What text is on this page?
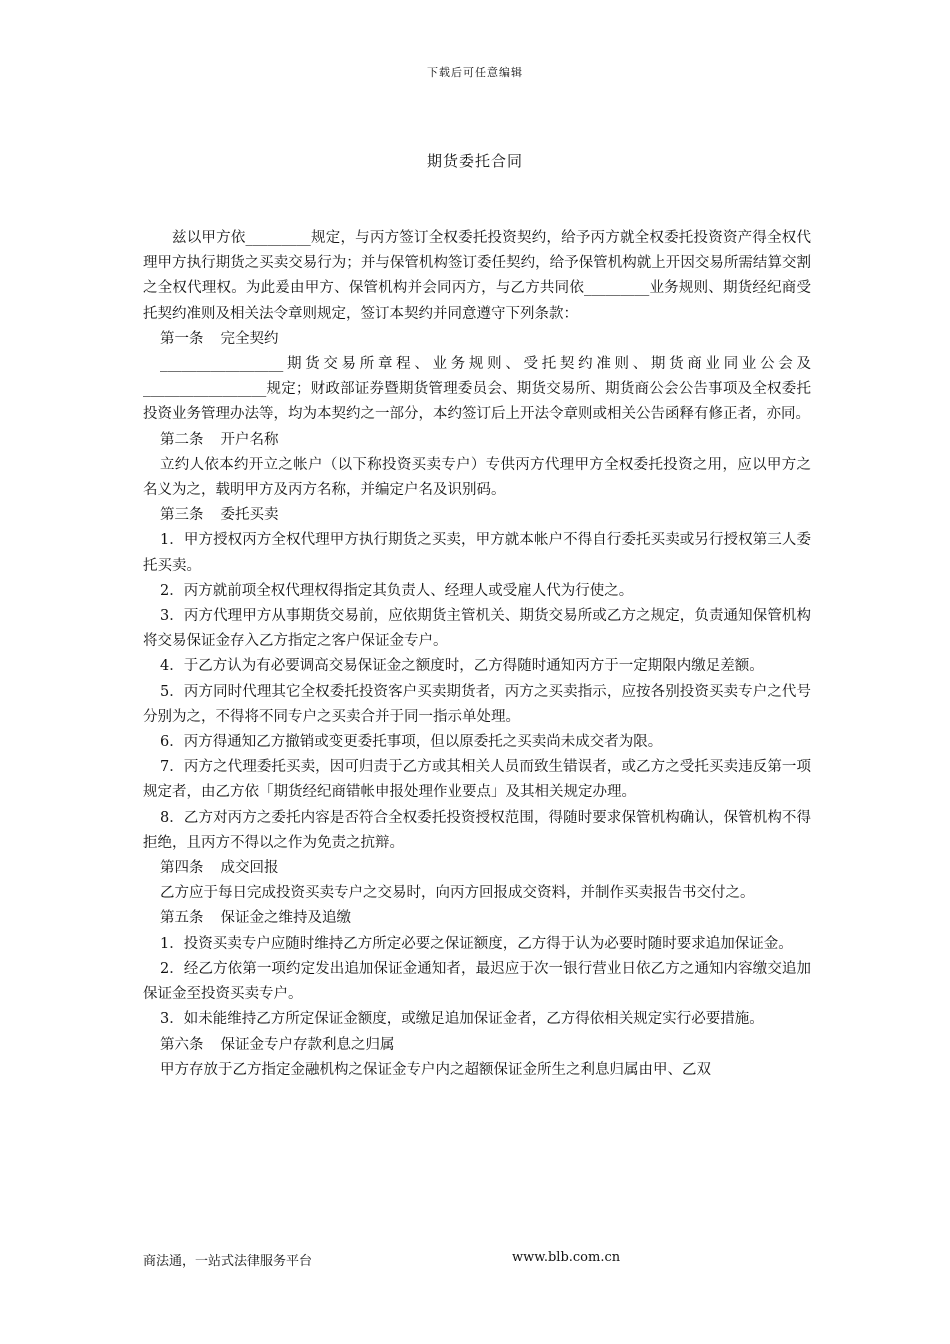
下载后可任意编辑
期货委托合同

兹以甲方依_________规定，与丙方签订全权委托投资契约，给予丙方就全权委托投资资产得全权代理甲方执行期货之买卖交易行为；并与保管机构签订委任契约，给予保管机构就上开因交易所需结算交割之全权代理权。为此爰由甲方、保管机构并会同丙方，与乙方共同依_________业务规则、期货经纪商受托契约准则及相关法令章则规定，签订本契约并同意遵守下列条款：

第一条 完全契约

_________________期货交易所章程、业务规则、受托契约准则、期货商业同业公会及_________________规定；财政部证券暨期货管理委员会、期货交易所、期货商公会公告事项及全权委托投资业务管理办法等，均为本契约之一部分，本约签订后上开法令章则或相关公告函释有修正者，亦同。

第二条 开户名称

立约人依本约开立之帐户（以下称投资买卖专户）专供丙方代理甲方全权委托投资之用，应以甲方之名义为之，载明甲方及丙方名称，并编定户名及识别码。

第三条 委托买卖

1．甲方授权丙方全权代理甲方执行期货之买卖，甲方就本帐户不得自行委托买卖或另行授权第三人委托买卖。

2．丙方就前项全权代理权得指定其负责人、经理人或受雇人代为行使之。

3．丙方代理甲方从事期货交易前，应依期货主管机关、期货交易所或乙方之规定，负责通知保管机构将交易保证金存入乙方指定之客户保证金专户。

4．于乙方认为有必要调高交易保证金之额度时，乙方得随时通知丙方于一定期限内缴足差额。

5．丙方同时代理其它全权委托投资客户买卖期货者，丙方之买卖指示，应按各别投资买卖专户之代号分别为之，不得将不同专户之买卖合并于同一指示单处理。

6．丙方得通知乙方撤销或变更委托事项，但以原委托之买卖尚未成交者为限。

7．丙方之代理委托买卖，因可归责于乙方或其相关人员而致生错误者，或乙方之受托买卖违反第一项规定者，由乙方依「期货经纪商错帐申报处理作业要点」及其相关规定办理。

8．乙方对丙方之委托内容是否符合全权委托投资授权范围，得随时要求保管机构确认，保管机构不得拒绝，且丙方不得以之作为免责之抗辩。

第四条 成交回报

乙方应于每日完成投资买卖专户之交易时，向丙方回报成交资料，并制作买卖报告书交付之。

第五条 保证金之维持及追缴

1．投资买卖专户应随时维持乙方所定必要之保证额度，乙方得于认为必要时随时要求追加保证金。

2．经乙方依第一项约定发出追加保证金通知者，最迟应于次一银行营业日依乙方之通知内容缴交追加保证金至投资买卖专户。

3．如未能维持乙方所定保证金额度，或缴足追加保证金者，乙方得依相关规定实行必要措施。

第六条 保证金专户存款利息之归属

甲方存放于乙方指定金融机构之保证金专户内之超额保证金所生之利息归属由甲、乙双

商法通，一站式法律服务平台	www.blb.com.cn
